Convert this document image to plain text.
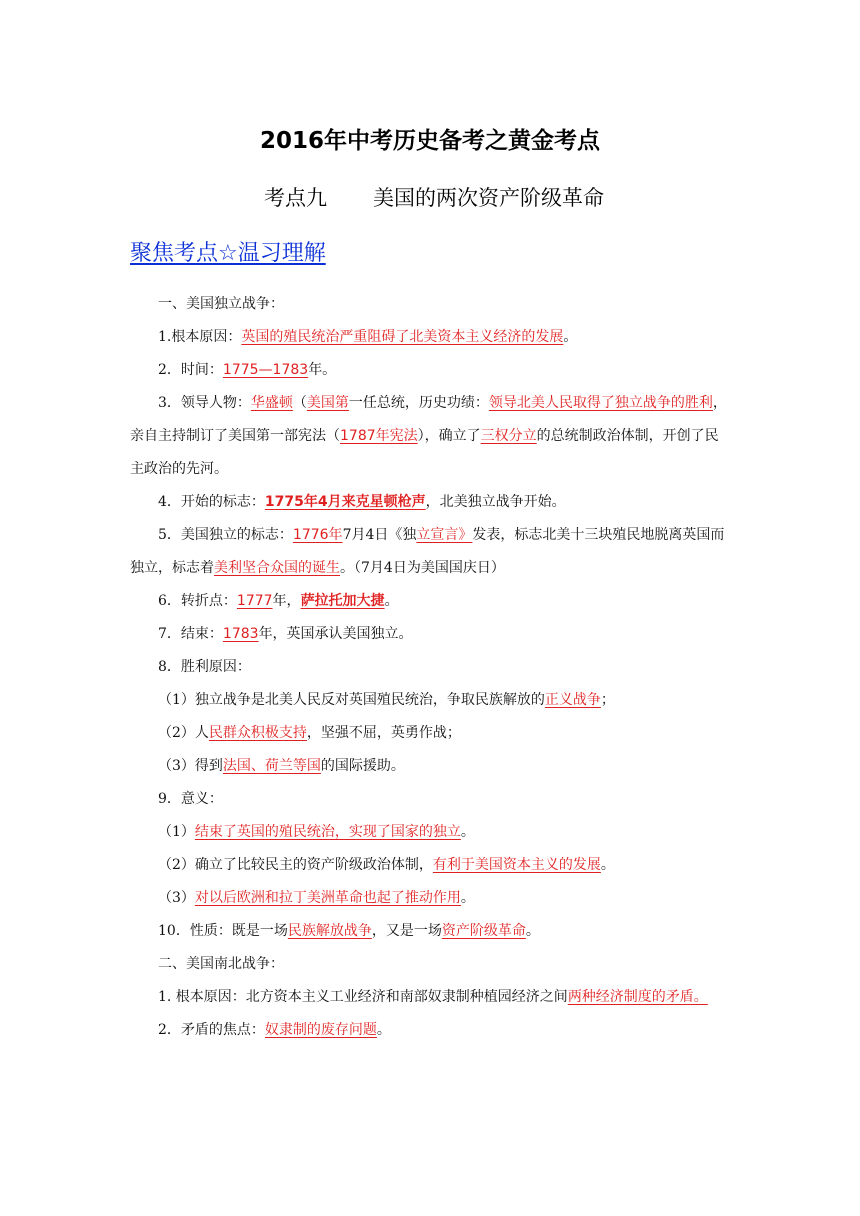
2016年中考历史备考之黄金考点
考点九 美国的两次资产阶级革命
聚焦考点☆温习理解

一、美国独立战争：

1.根本原因：英国的殖民统治严重阻碍了北美资本主义经济的发展。

2．时间：1775—1783年。

3．领导人物：华盛顿（美国第一任总统，历史功绩：领导北美人民取得了独立战争的胜利，亲自主持制订了美国第一部宪法（1787年宪法），确立了三权分立的总统制政治体制，开创了民主政治的先河。

4．开始的标志：1775年4月来克星顿枪声，北美独立战争开始。

5．美国独立的标志：1776年7月4日《独立宣言》发表，标志北美十三块殖民地脱离英国而独立，标志着美利坚合众国的诞生。（7月4日为美国国庆日）

6．转折点：1777年，萨拉托加大捷。

7．结束：1783年，英国承认美国独立。

8．胜利原因：

（1）独立战争是北美人民反对英国殖民统治，争取民族解放的正义战争；

（2）人民群众积极支持，坚强不屈，英勇作战；

（3）得到法国、荷兰等国的国际援助。

9．意义：

（1）结束了英国的殖民统治，实现了国家的独立。

（2）确立了比较民主的资产阶级政治体制，有利于美国资本主义的发展。

（3）对以后欧洲和拉丁美洲革命也起了推动作用。

10．性质：既是一场民族解放战争，又是一场资产阶级革命。

二、美国南北战争：

1. 根本原因：北方资本主义工业经济和南部奴隶制种植园经济之间两种经济制度的矛盾。

2．矛盾的焦点：奴隶制的废存问题。
